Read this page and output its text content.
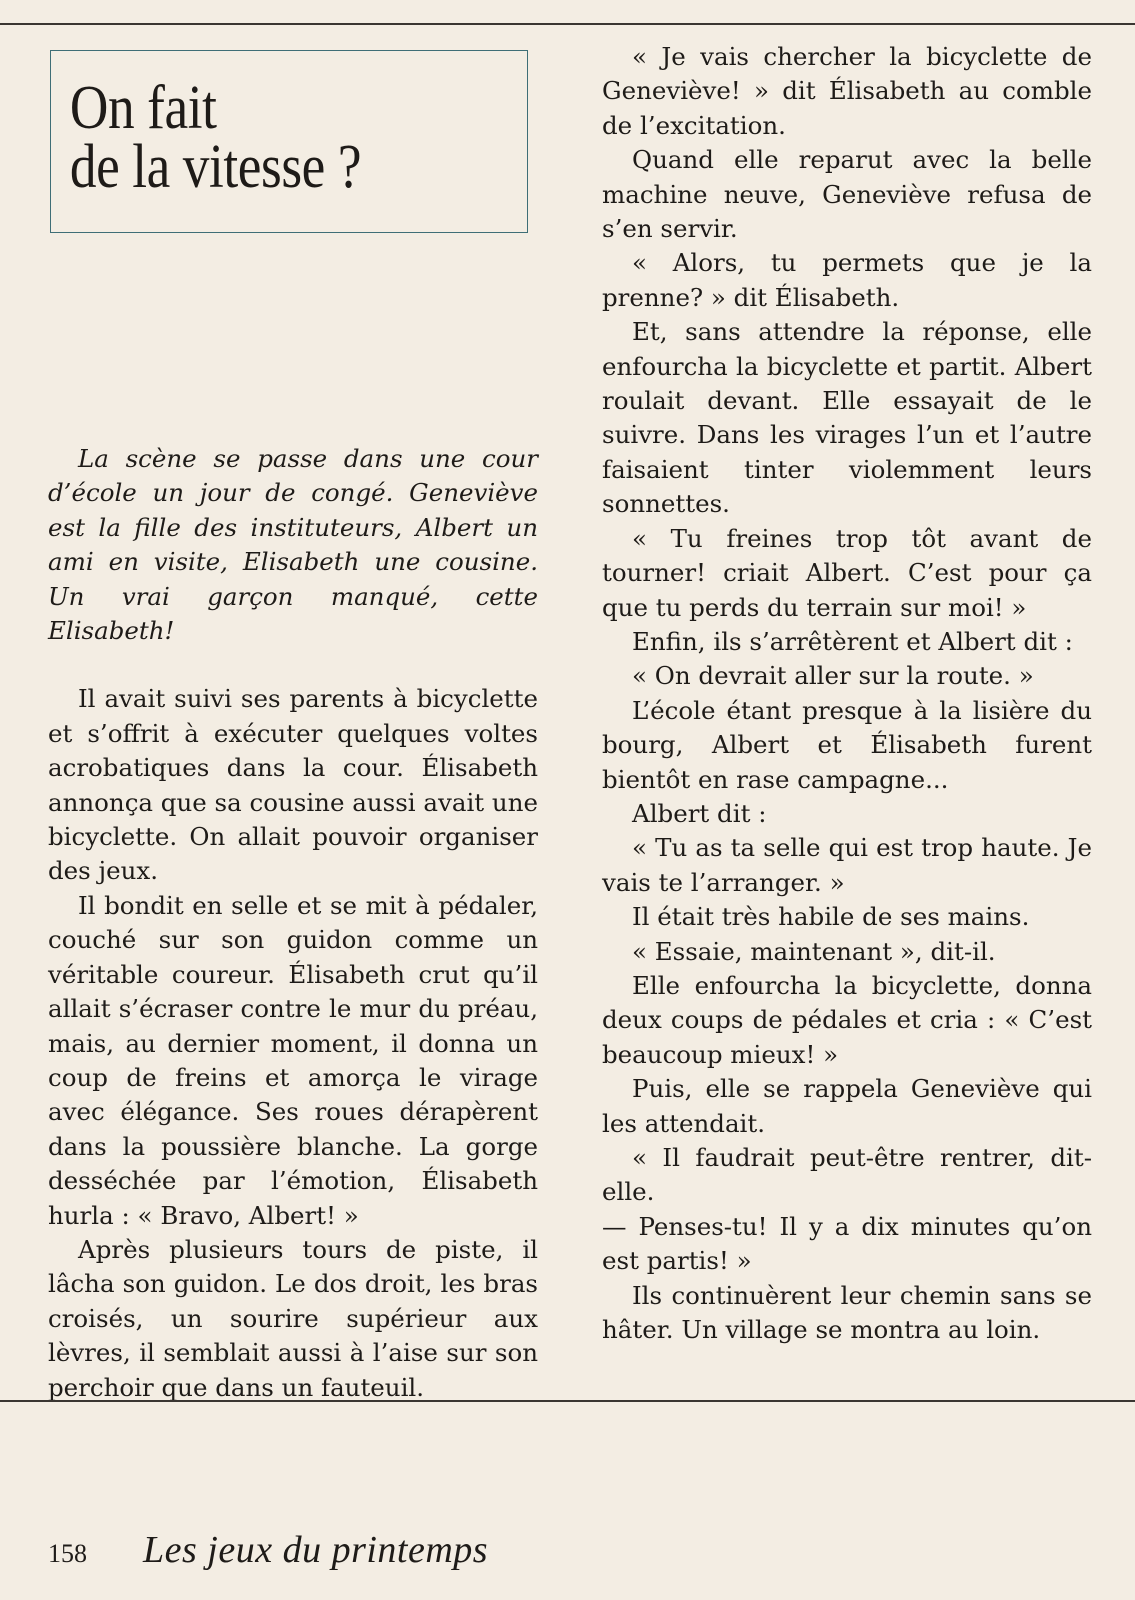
On fait
de la vitesse ?

La scène se passe dans une cour d’école un jour de congé. Geneviève est la fille des instituteurs, Albert un ami en visite, Elisabeth une cousine. Un vrai garçon manqué, cette Elisabeth!

Il avait suivi ses parents à bicyclette et s’offrit à exécuter quelques voltes acrobatiques dans la cour. Élisabeth annonça que sa cousine aussi avait une bicyclette. On allait pouvoir organiser des jeux.

Il bondit en selle et se mit à pédaler, couché sur son guidon comme un véritable coureur. Élisabeth crut qu’il allait s’écraser contre le mur du préau, mais, au dernier moment, il donna un coup de freins et amorça le virage avec élégance. Ses roues dérapèrent dans la poussière blanche. La gorge desséchée par l’émotion, Élisabeth hurla : « Bravo, Albert! »

Après plusieurs tours de piste, il lâcha son guidon. Le dos droit, les bras croisés, un sourire supérieur aux lèvres, il semblait aussi à l’aise sur son perchoir que dans un fauteuil.

« Je vais chercher la bicyclette de Geneviève! » dit Élisabeth au comble de l’excitation.

Quand elle reparut avec la belle machine neuve, Geneviève refusa de s’en servir.

« Alors, tu permets que je la prenne? » dit Élisabeth.

Et, sans attendre la réponse, elle enfourcha la bicyclette et partit. Albert roulait devant. Elle essayait de le suivre. Dans les virages l’un et l’autre faisaient tinter violemment leurs sonnettes.

« Tu freines trop tôt avant de tourner! criait Albert. C’est pour ça que tu perds du terrain sur moi! »

Enfin, ils s’arrêtèrent et Albert dit :

« On devrait aller sur la route. »

L’école étant presque à la lisière du bourg, Albert et Élisabeth furent bientôt en rase campagne...

Albert dit :

« Tu as ta selle qui est trop haute. Je vais te l’arranger. »

Il était très habile de ses mains.

« Essaie, maintenant », dit-il.

Elle enfourcha la bicyclette, donna deux coups de pédales et cria : « C’est beaucoup mieux! »

Puis, elle se rappela Geneviève qui les attendait.

« Il faudrait peut-être rentrer, dit-elle.

— Penses-tu! Il y a dix minutes qu’on est partis! »

Ils continuèrent leur chemin sans se hâter. Un village se montra au loin.

158	Les jeux du printemps
